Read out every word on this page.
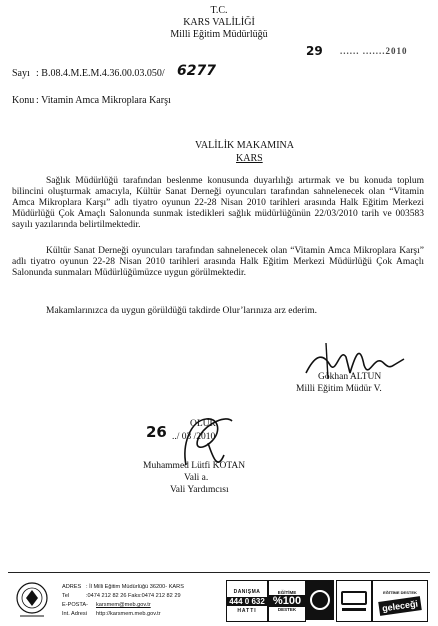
T.C.
KARS VALİLİĞİ
Milli Eğitim Müdürlüğü
29 ...... .......2010
Sayı : B.08.4.M.E.M.4.36.00.03.050/ 6277
Konu : Vitamin Amca Mikroplara Karşı
VALİLİK MAKAMINA
KARS
Sağlık Müdürlüğü tarafından beslenme konusunda duyarlılığı artırmak ve bu konuda toplum bilincini oluşturmak amacıyla, Kültür Sanat Derneği oyuncuları tarafından sahnelenecek olan “Vitamin Amca Mikroplara Karşı” adlı tiyatro oyunun 22-28 Nisan 2010 tarihleri arasında Halk Eğitim Merkezi Müdürlüğü Çok Amaçlı Salonunda sunmak istedikleri sağlık müdürlüğünün 22/03/2010 tarih ve 003583 sayılı yazılarında belirtilmektedir.
Kültür Sanat Derneği oyuncuları tarafından sahnelenecek olan “Vitamin Amca Mikroplara Karşı” adlı tiyatro oyunun 22-28 Nisan 2010 tarihleri arasında Halk Eğitim Merkezi Müdürlüğü Çok Amaçlı Salonunda sunmaları Müdürlüğümüzce uygun görülmektedir.
Makamlarınızca da uygun görüldüğü takdirde Olur’larınıza arz ederim.
Gökhan ALTUN
Milli Eğitim Müdür V.
OLUR
26 ../ 03 /2010
Muhammed Lütfi KOTAN
Vali a.
Vali Yardımcısı
ADRES : İl Milli Eğitim Müdürlüğü 36200- KARS
Tel	:0474 212 82 26 Faks:0474 212 82 29
E-POSTA- karsmem@meb.gov.tr
Int. Adresi http://karsmem.meb.gov.tr
DANIŞMA
444 0 632
HATTI
EĞİTİME
%100
DESTEK
EĞİTİME DESTEK
geleceği
